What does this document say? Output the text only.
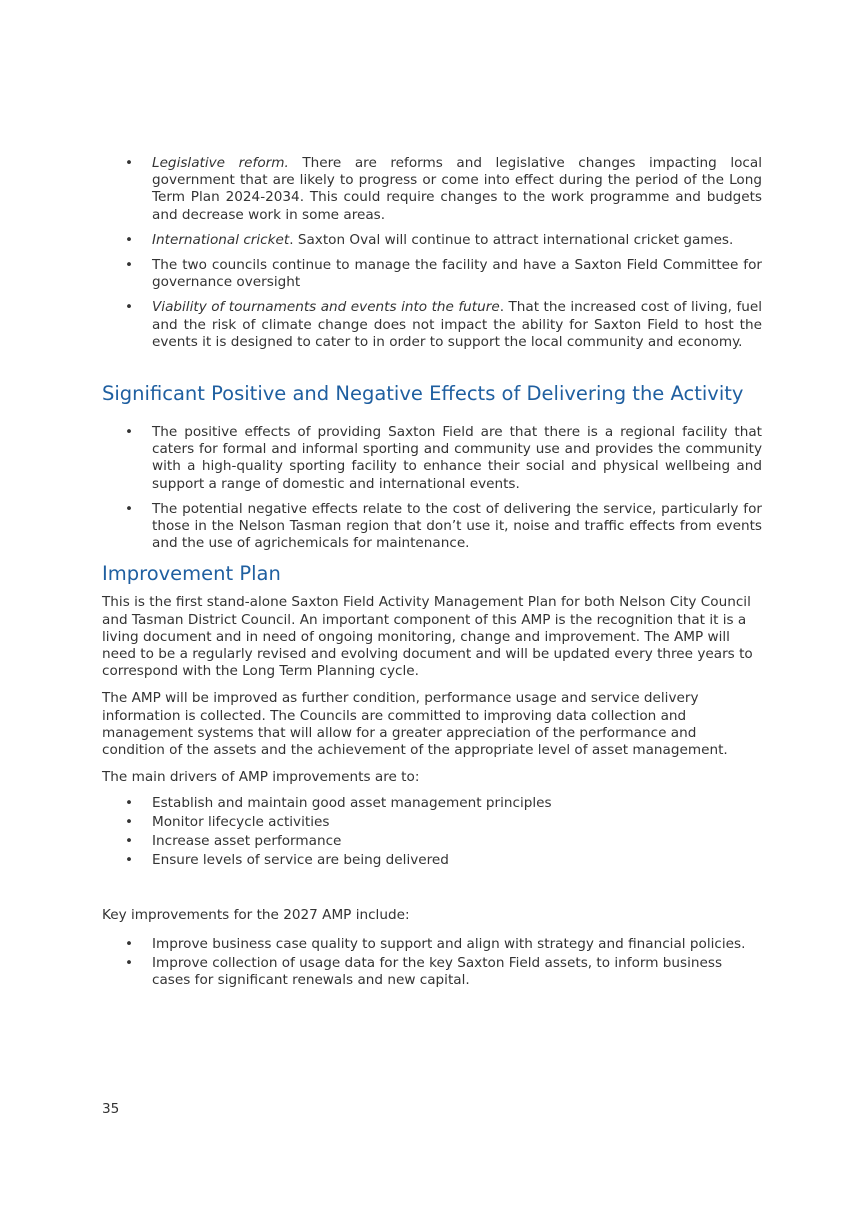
• Legislative reform. There are reforms and legislative changes impacting local government that are likely to progress or come into effect during the period of the Long Term Plan 2024-2034. This could require changes to the work programme and budgets and decrease work in some areas.
• International cricket. Saxton Oval will continue to attract international cricket games.
• The two councils continue to manage the facility and have a Saxton Field Committee for governance oversight
• Viability of tournaments and events into the future. That the increased cost of living, fuel and the risk of climate change does not impact the ability for Saxton Field to host the events it is designed to cater to in order to support the local community and economy.
Significant Positive and Negative Effects of Delivering the Activity
• The positive effects of providing Saxton Field are that there is a regional facility that caters for formal and informal sporting and community use and provides the community with a high-quality sporting facility to enhance their social and physical wellbeing and support a range of domestic and international events.
• The potential negative effects relate to the cost of delivering the service, particularly for those in the Nelson Tasman region that don’t use it, noise and traffic effects from events and the use of agrichemicals for maintenance.
Improvement Plan

This is the first stand-alone Saxton Field Activity Management Plan for both Nelson City Council and Tasman District Council. An important component of this AMP is the recognition that it is a living document and in need of ongoing monitoring, change and improvement. The AMP will need to be a regularly revised and evolving document and will be updated every three years to correspond with the Long Term Planning cycle.

The AMP will be improved as further condition, performance usage and service delivery information is collected. The Councils are committed to improving data collection and management systems that will allow for a greater appreciation of the performance and condition of the assets and the achievement of the appropriate level of asset management.

The main drivers of AMP improvements are to:

• Establish and maintain good asset management principles
• Monitor lifecycle activities
• Increase asset performance
• Ensure levels of service are being delivered

Key improvements for the 2027 AMP include:

• Improve business case quality to support and align with strategy and financial policies.
• Improve collection of usage data for the key Saxton Field assets, to inform business cases for significant renewals and new capital.
35
